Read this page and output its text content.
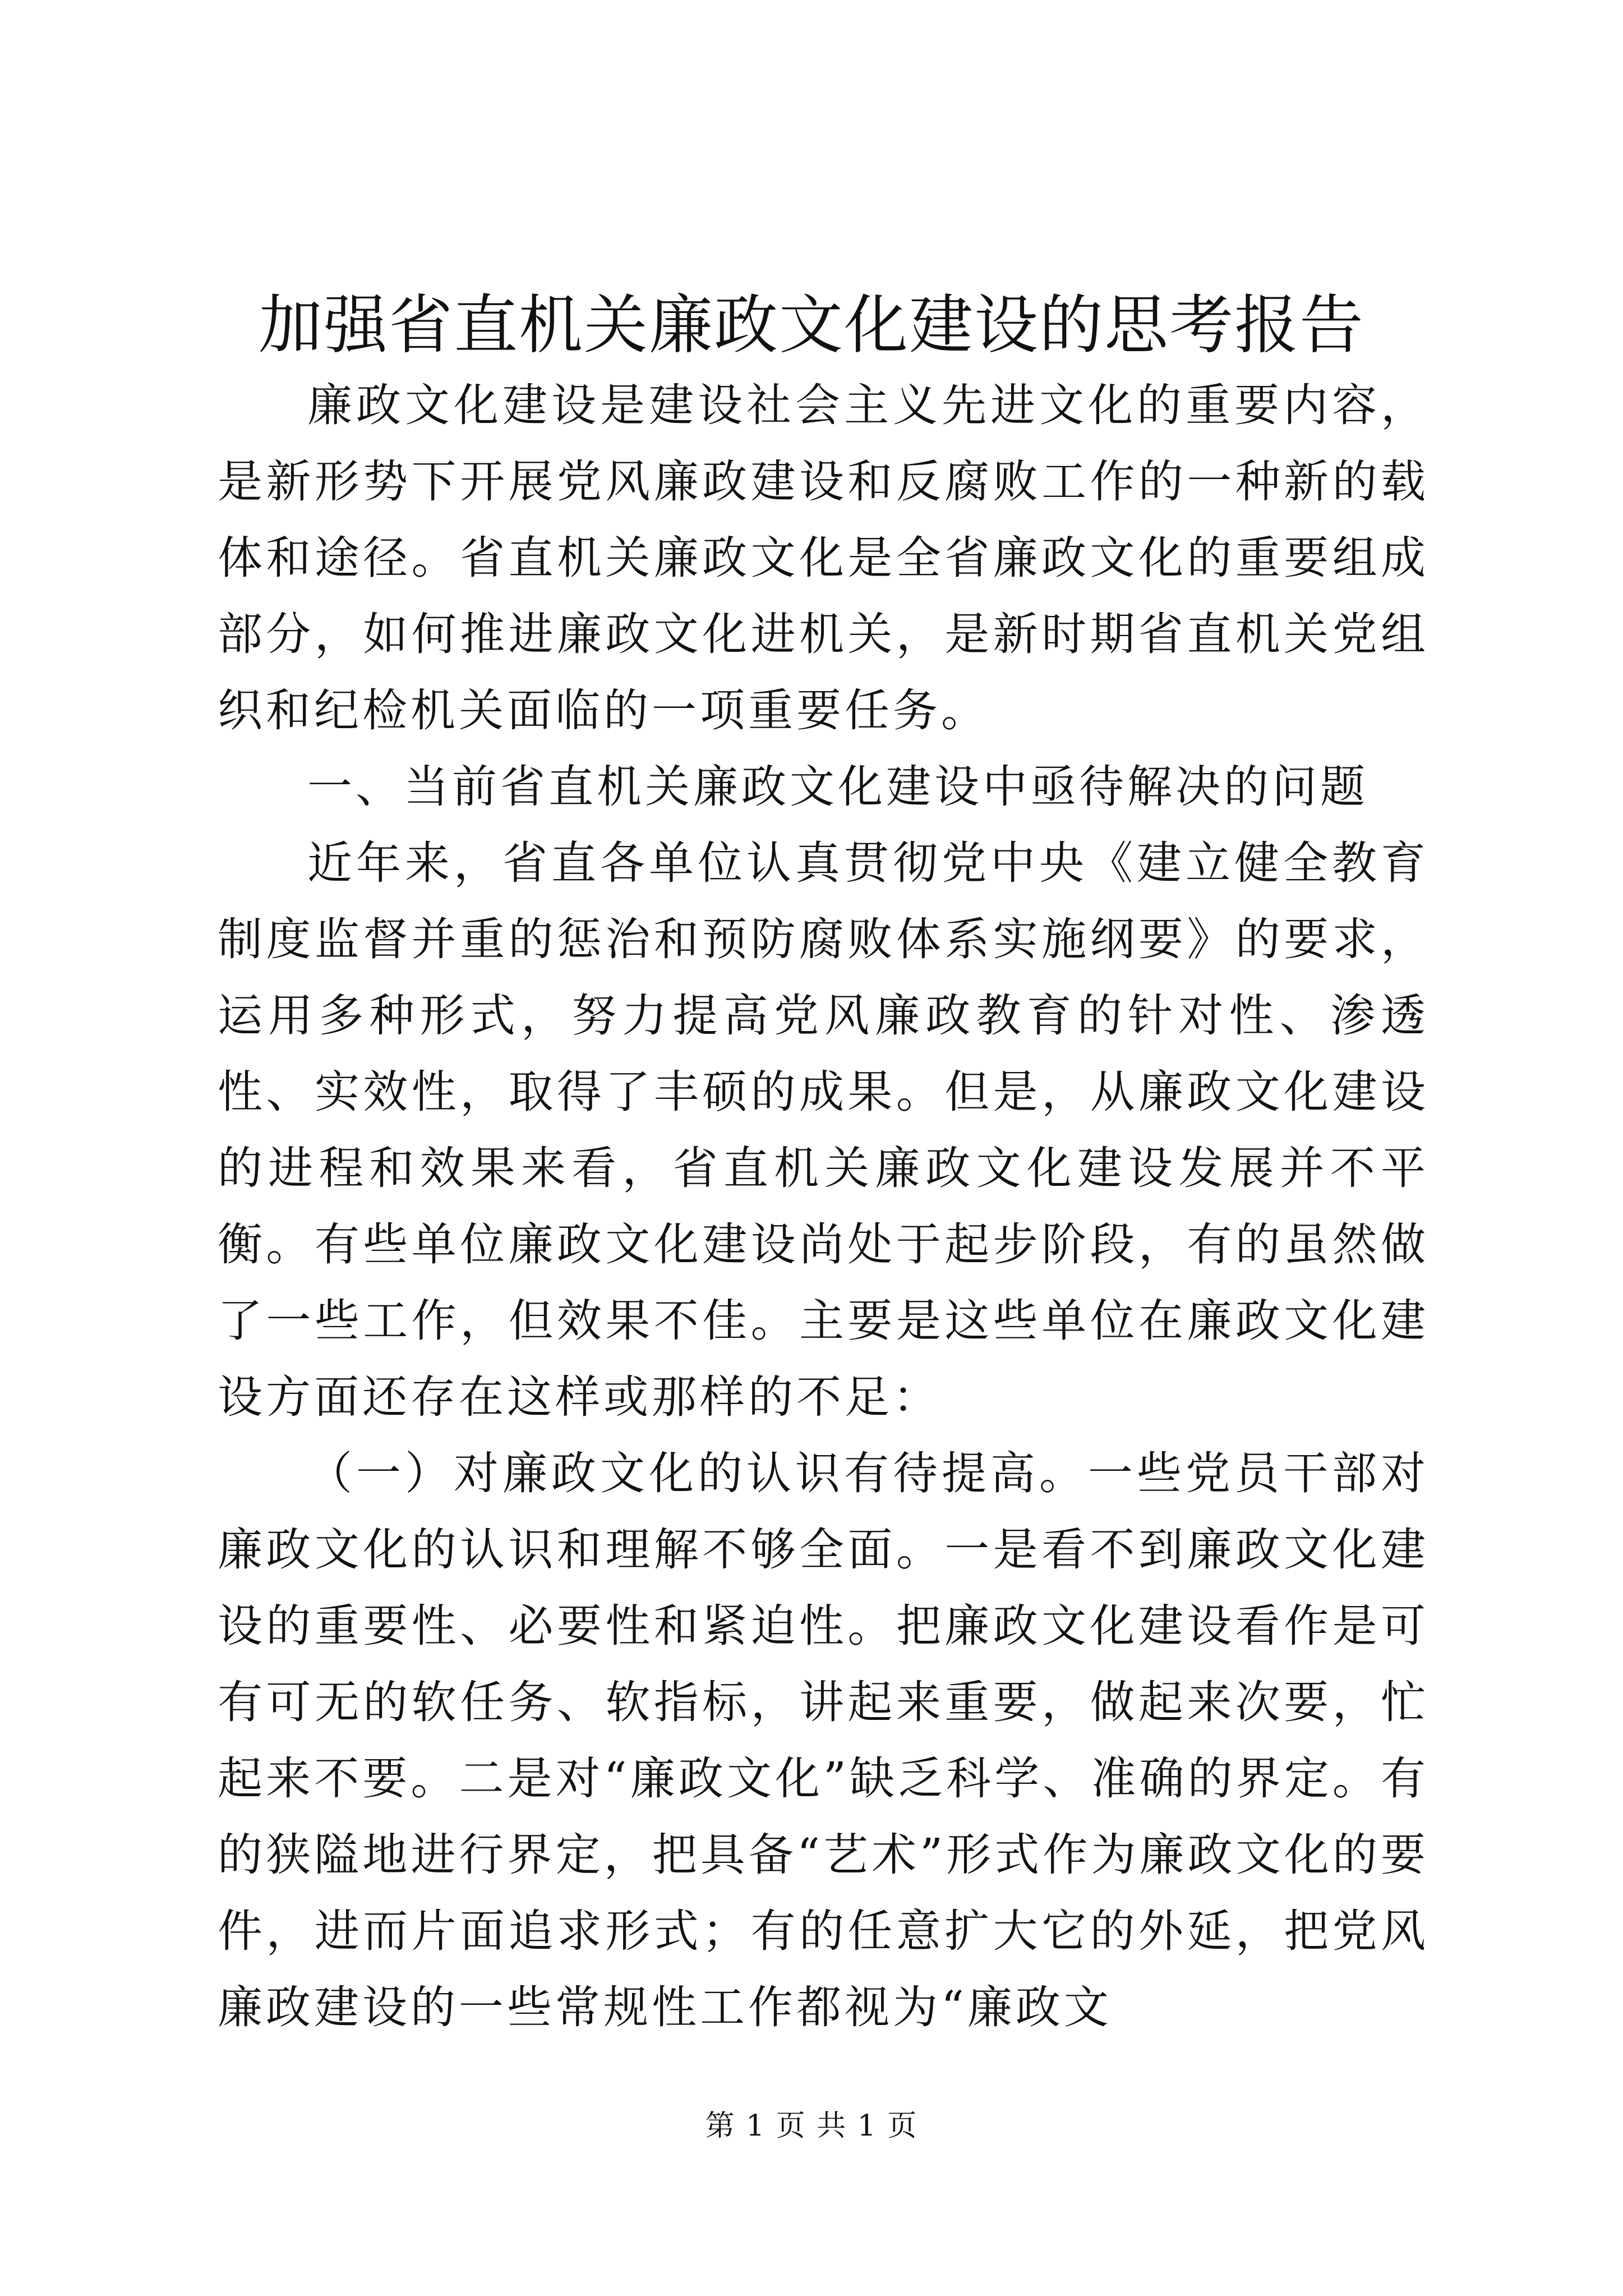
加强省直机关廉政文化建设的思考报告

廉政文化建设是建设社会主义先进文化的重要内容，是新形势下开展党风廉政建设和反腐败工作的一种新的载体和途径。省直机关廉政文化是全省廉政文化的重要组成部分，如何推进廉政文化进机关，是新时期省直机关党组织和纪检机关面临的一项重要任务。

一、当前省直机关廉政文化建设中亟待解决的问题

近年来，省直各单位认真贯彻党中央《建立健全教育制度监督并重的惩治和预防腐败体系实施纲要》的要求，运用多种形式，努力提高党风廉政教育的针对性、渗透性、实效性，取得了丰硕的成果。但是，从廉政文化建设的进程和效果来看，省直机关廉政文化建设发展并不平衡。有些单位廉政文化建设尚处于起步阶段，有的虽然做了一些工作，但效果不佳。主要是这些单位在廉政文化建设方面还存在这样或那样的不足：

（一）对廉政文化的认识有待提高。一些党员干部对廉政文化的认识和理解不够全面。一是看不到廉政文化建设的重要性、必要性和紧迫性。把廉政文化建设看作是可有可无的软任务、软指标，讲起来重要，做起来次要，忙起来不要。二是对“廉政文化”缺乏科学、准确的界定。有的狭隘地进行界定，把具备“艺术”形式作为廉政文化的要件，进而片面追求形式；有的任意扩大它的外延，把党风廉政建设的一些常规性工作都视为“廉政文

第 1 页 共 1 页
